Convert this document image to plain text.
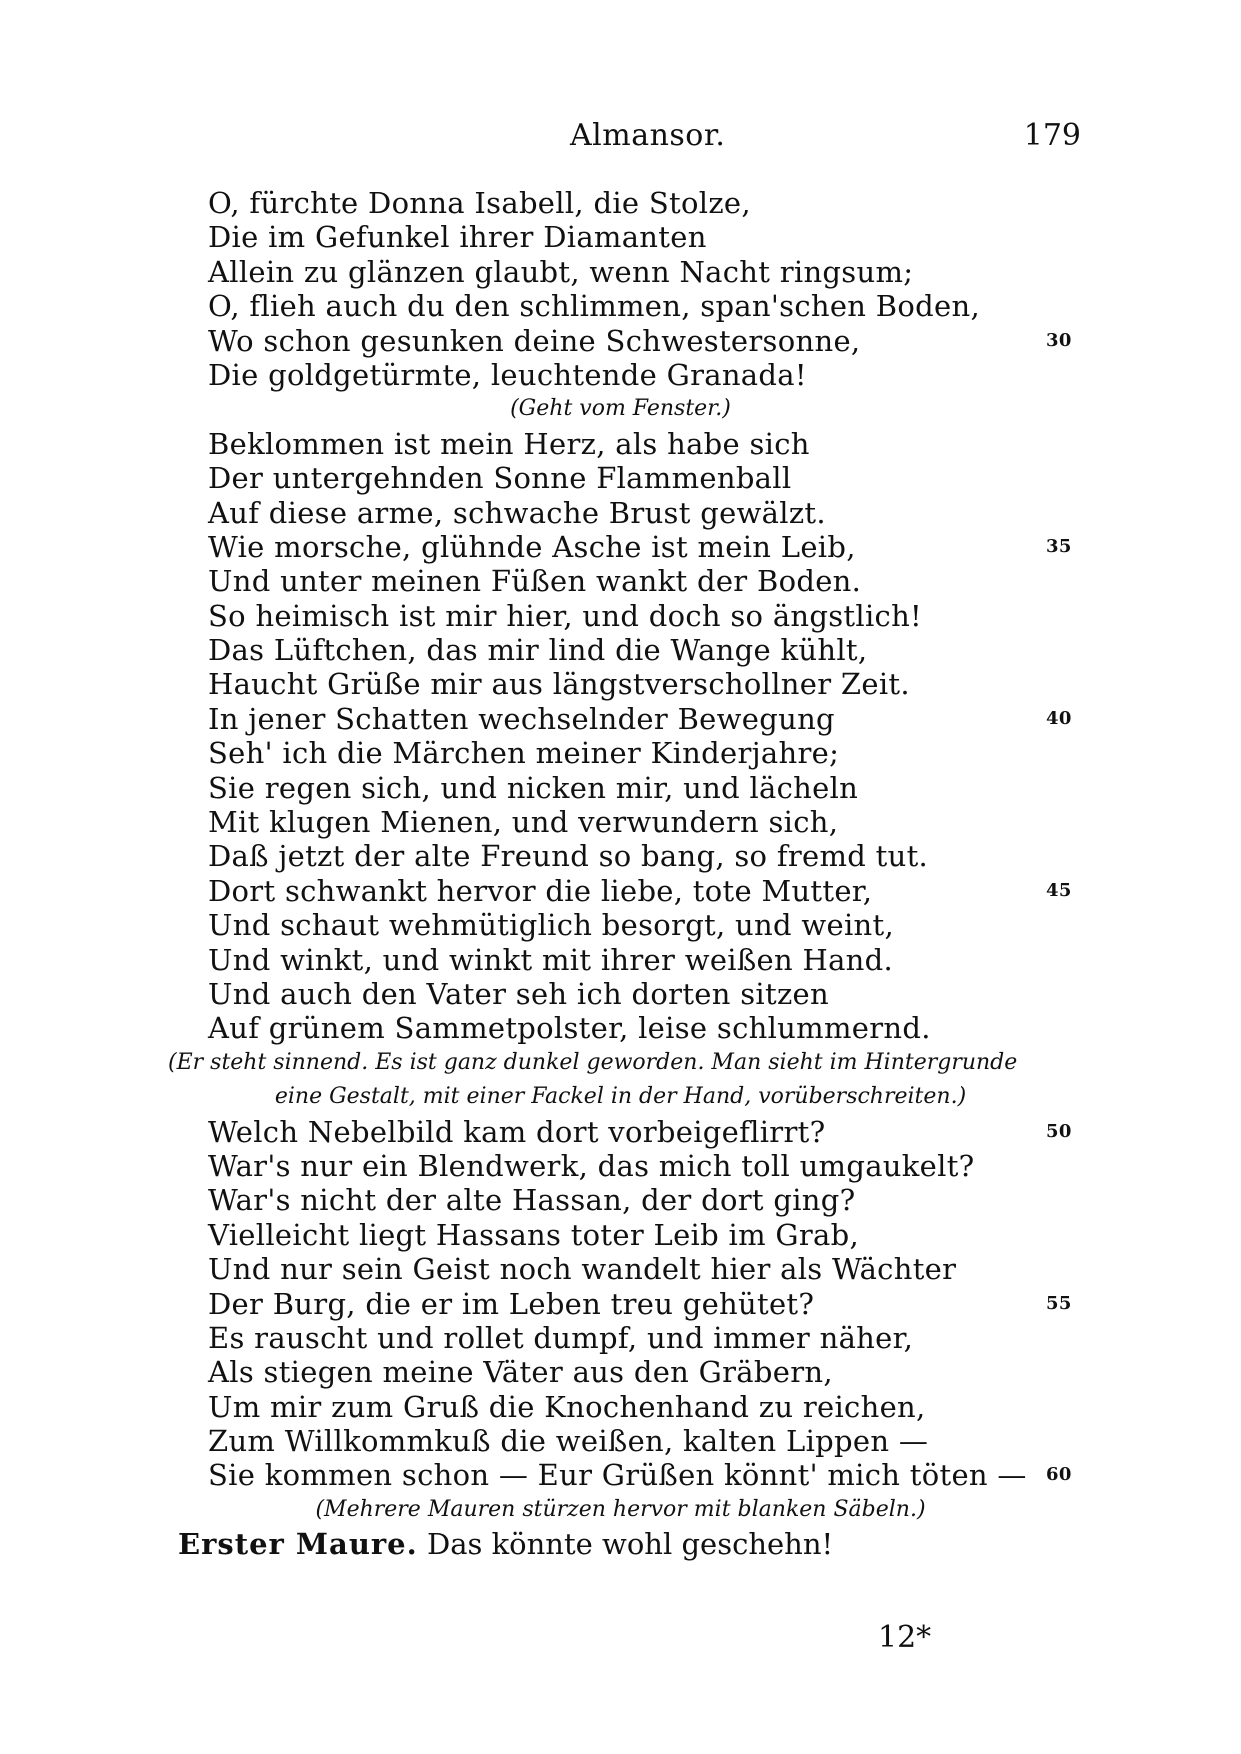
Almansor.	179
O, fürchte Donna Isabell, die Stolze,
Die im Gefunkel ihrer Diamanten
Allein zu glänzen glaubt, wenn Nacht ringsum;
O, flieh auch du den schlimmen, span'schen Boden,
Wo schon gesunken deine Schwestersonne,	30
Die goldgetürmte, leuchtende Granada!
(Geht vom Fenster.)
Beklommen ist mein Herz, als habe sich
Der untergehnden Sonne Flammenball
Auf diese arme, schwache Brust gewälzt.
Wie morsche, glühnde Asche ist mein Leib,	35
Und unter meinen Füßen wankt der Boden.
So heimisch ist mir hier, und doch so ängstlich!
Das Lüftchen, das mir lind die Wange kühlt,
Haucht Grüße mir aus längstverschollner Zeit.
In jener Schatten wechselnder Bewegung	40
Seh' ich die Märchen meiner Kinderjahre;
Sie regen sich, und nicken mir, und lächeln
Mit klugen Mienen, und verwundern sich,
Daß jetzt der alte Freund so bang, so fremd tut.
Dort schwankt hervor die liebe, tote Mutter,	45
Und schaut wehmütiglich besorgt, und weint,
Und winkt, und winkt mit ihrer weißen Hand.
Und auch den Vater seh ich dorten sitzen
Auf grünem Sammetpolster, leise schlummernd.
(Er steht sinnend. Es ist ganz dunkel geworden. Man sieht im Hintergrunde
eine Gestalt, mit einer Fackel in der Hand, vorüberschreiten.)
Welch Nebelbild kam dort vorbeigeflirrt?	50
War's nur ein Blendwerk, das mich toll umgaukelt?
War's nicht der alte Hassan, der dort ging?
Vielleicht liegt Hassans toter Leib im Grab,
Und nur sein Geist noch wandelt hier als Wächter
Der Burg, die er im Leben treu gehütet?	55
Es rauscht und rollet dumpf, und immer näher,
Als stiegen meine Väter aus den Gräbern,
Um mir zum Gruß die Knochenhand zu reichen,
Zum Willkommkuß die weißen, kalten Lippen —
Sie kommen schon — Eur Grüßen könnt' mich töten — 60
(Mehrere Mauren stürzen hervor mit blanken Säbeln.)
Erster Maure. Das könnte wohl geschehn!
12*
